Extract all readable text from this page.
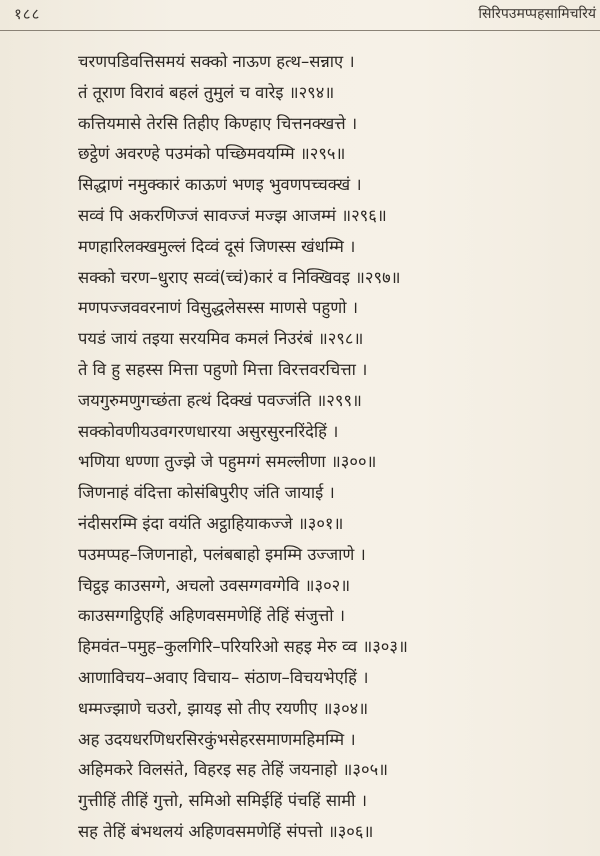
१८८	सिरिपउमप्पहसामिचरियं
चरणपडिवत्तिसमयं सक्को नाऊण हत्थ–सन्नाए ।
तं तूराण विरावं बहलं तुमुलं च वारेइ ॥२९४॥
कत्तियमासे तेरसि तिहीए किण्हाए चित्तनक्खत्ते ।
छट्ठेणं अवरण्हे पउमंको पच्छिमवयम्मि ॥२९५॥
सिद्धाणं नमुक्कारं काऊणं भणइ भुवणपच्चक्खं ।
सव्वं पि अकरणिज्जं सावज्जं मज्झ आजम्मं ॥२९६॥
मणहारिलक्खमुल्लं दिव्वं दूसं जिणस्स खंधम्मि ।
सक्को चरण–धुराए सव्वं(च्चं)कारं व निक्खिवइ ॥२९७॥
मणपज्जववरनाणं विसुद्धलेसस्स माणसे पहुणो ।
पयडं जायं तइया सरयमिव कमलं निउरंबं ॥२९८॥
ते वि हु सहस्स मित्ता पहुणो मित्ता विरत्तवरचित्ता ।
जयगुरुमणुगच्छंता हत्थं दिक्खं पवज्जंति ॥२९९॥
सक्कोवणीयउवगरणधारया असुरसुरनरिंदेहिं ।
भणिया धण्णा तुज्झे जे पहुमग्गं समल्लीणा ॥३००॥
जिणनाहं वंदित्ता कोसंबिपुरीए जंति जायाई ।
नंदीसरम्मि इंदा वयंति अट्ठाहियाकज्जे ॥३०१॥
पउमप्पह–जिणनाहो, पलंबबाहो इमम्मि उज्जाणे ।
चिट्ठइ काउसग्गे, अचलो उवसग्गवग्गेवि ॥३०२॥
काउसग्गट्ठिएहिं अहिणवसमणेहिं तेहिं संजुत्तो ।
हिमवंत–पमुह–कुलगिरि–परियरिओ सहइ मेरु व्व ॥३०३॥
आणाविचय–अवाए विचाय– संठाण–विचयभेएहिं ।
धम्मज्झाणे चउरो, झायइ सो तीए रयणीए ॥३०४॥
अह उदयधरणिधरसिरकुंभसेहरसमाणमहिमम्मि ।
अहिमकरे विलसंते, विहरइ सह तेहिं जयनाहो ॥३०५॥
गुत्तीहिं तीहिं गुत्तो, समिओ समिईहिं पंचहिं सामी ।
सह तेहिं बंभथलयं अहिणवसमणेहिं संपत्तो ॥३०६॥
